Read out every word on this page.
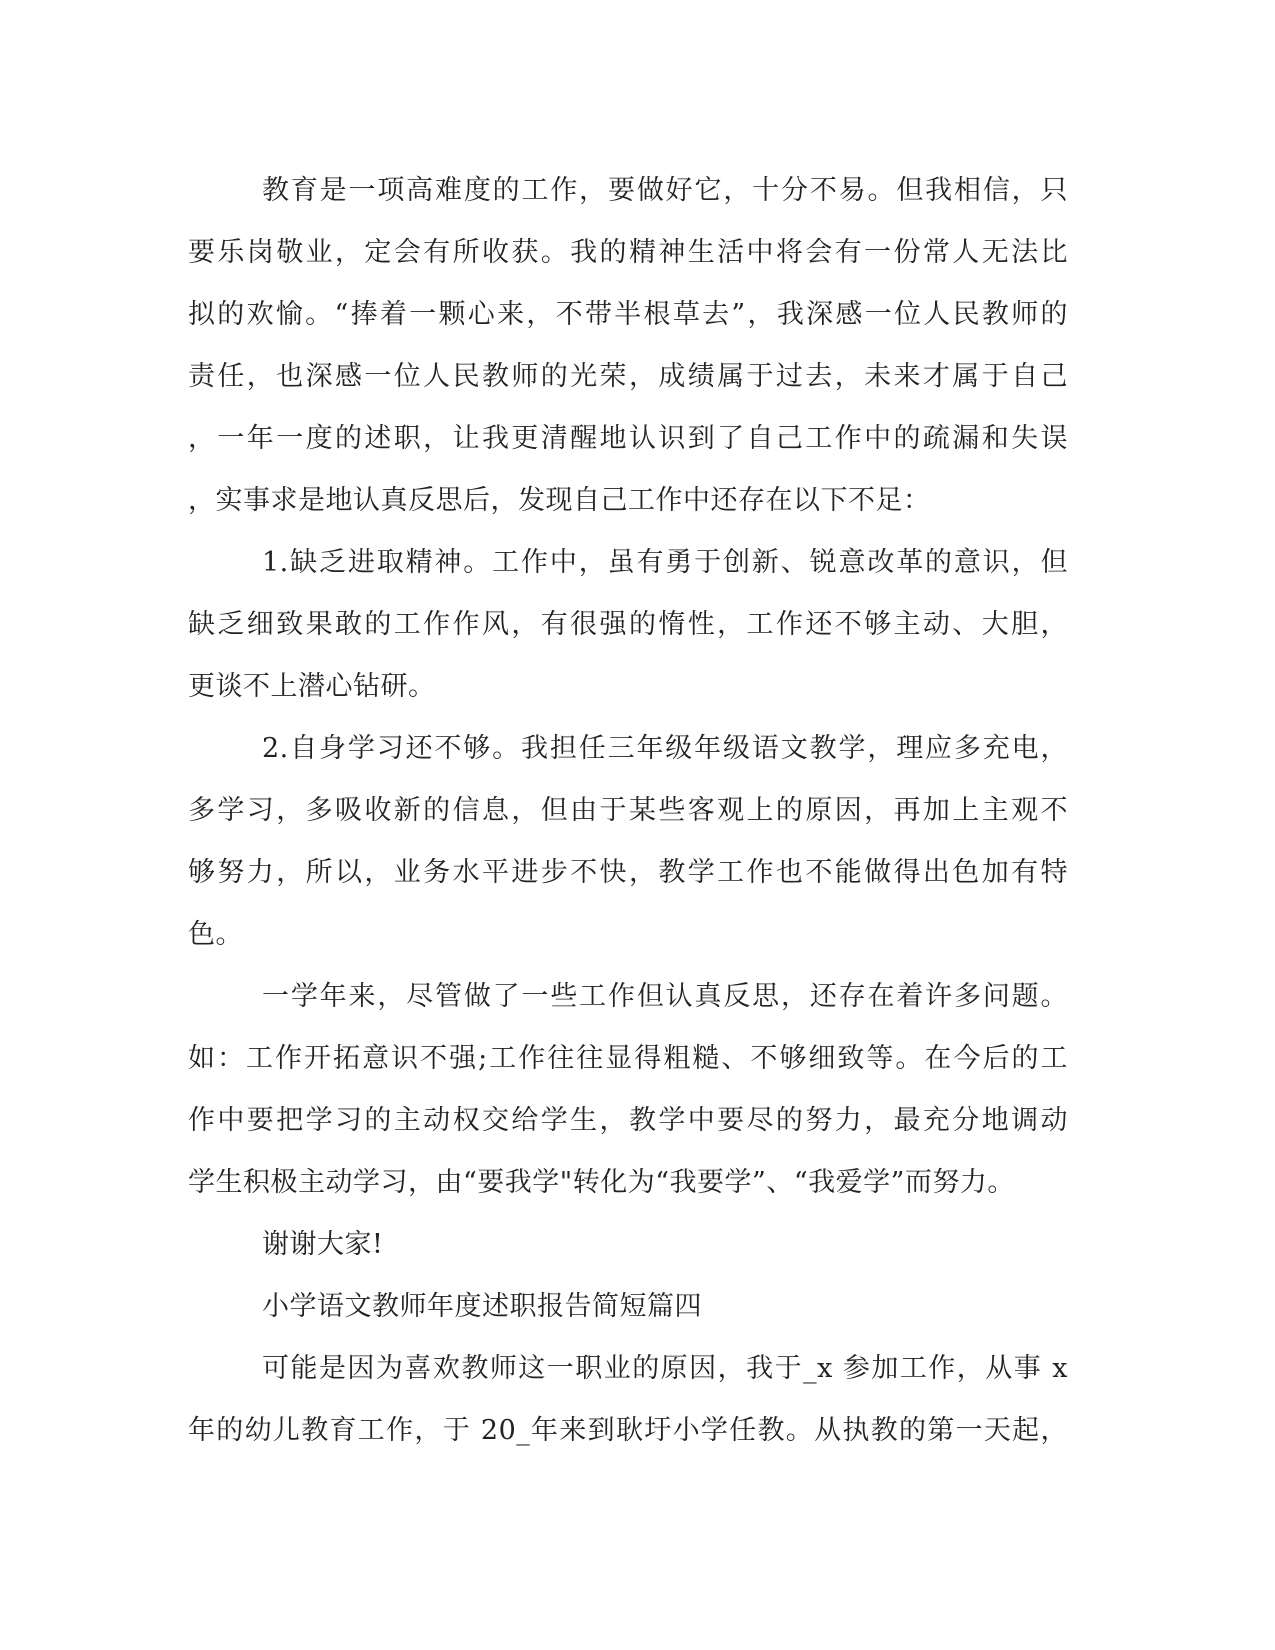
教育是一项高难度的工作，要做好它，十分不易。但我相信，只
要乐岗敬业，定会有所收获。我的精神生活中将会有一份常人无法比
拟的欢愉。“捧着一颗心来，不带半根草去”，我深感一位人民教师的
责任，也深感一位人民教师的光荣，成绩属于过去，未来才属于自己
，一年一度的述职，让我更清醒地认识到了自己工作中的疏漏和失误
，实事求是地认真反思后，发现自己工作中还存在以下不足：
1.缺乏进取精神。工作中，虽有勇于创新、锐意改革的意识，但
缺乏细致果敢的工作作风，有很强的惰性，工作还不够主动、大胆，
更谈不上潜心钻研。
2.自身学习还不够。我担任三年级年级语文教学，理应多充电，
多学习，多吸收新的信息，但由于某些客观上的原因，再加上主观不
够努力，所以，业务水平进步不快，教学工作也不能做得出色加有特
色。
一学年来，尽管做了一些工作但认真反思，还存在着许多问题。
如：工作开拓意识不强;工作往往显得粗糙、不够细致等。在今后的工
作中要把学习的主动权交给学生，教学中要尽的努力，最充分地调动
学生积极主动学习，由“要我学"转化为“我要学”、“我爱学”而努力。
谢谢大家!
小学语文教师年度述职报告简短篇四
可能是因为喜欢教师这一职业的原因，我于_x 参加工作，从事 x
年的幼儿教育工作，于 20_年来到耿圩小学任教。从执教的第一天起，
